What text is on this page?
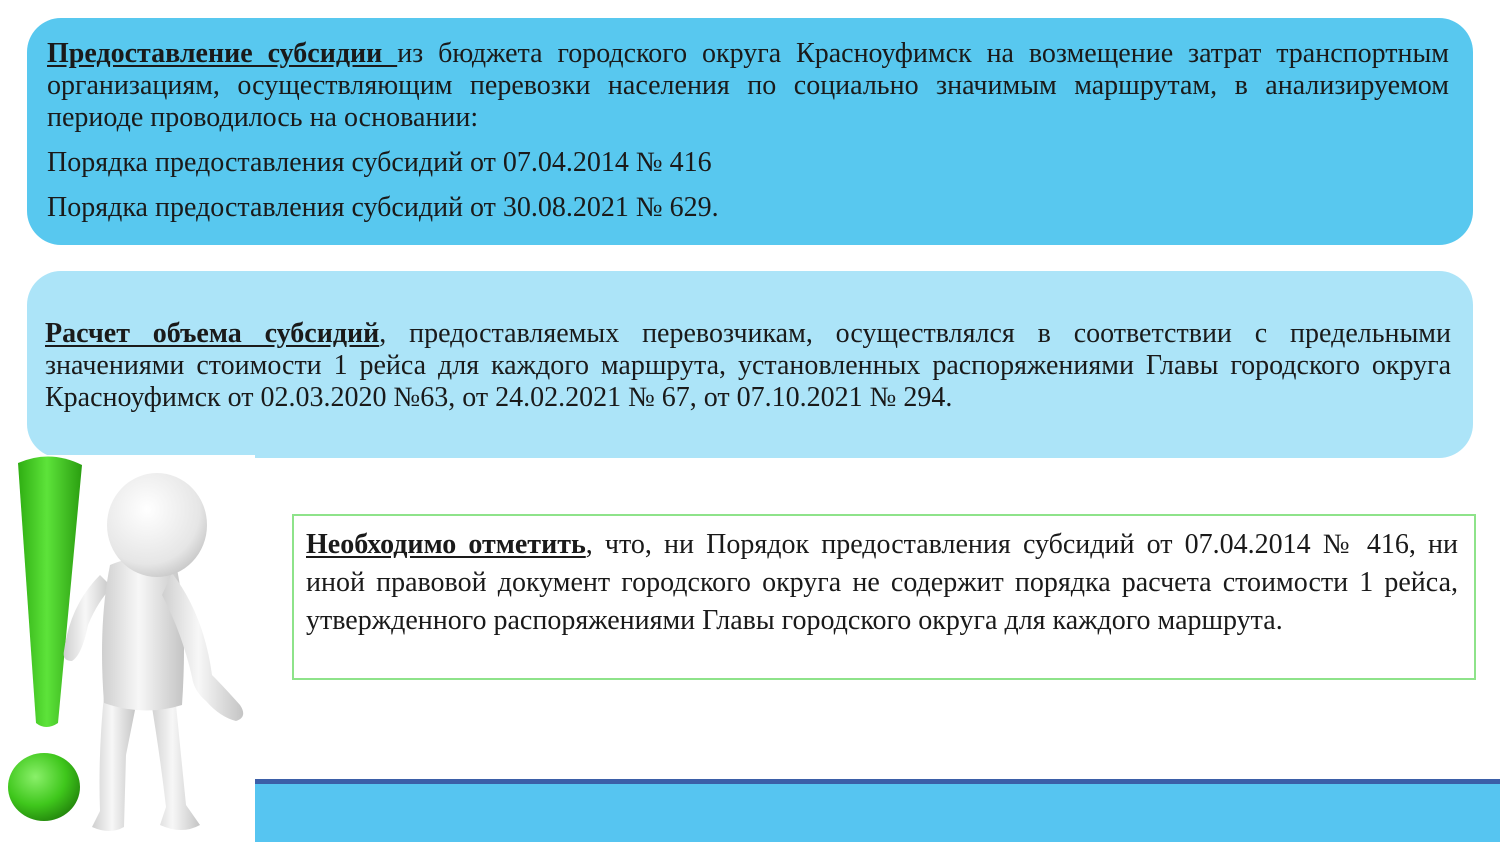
Предоставление субсидии из бюджета городского округа Красноуфимск на возмещение затрат транспортным организациям, осуществляющим перевозки населения по социально значимым маршрутам, в анализируемом периоде проводилось на основании:

Порядка предоставления субсидий от 07.04.2014 № 416

Порядка предоставления субсидий от 30.08.2021 № 629.

Расчет объема субсидий, предоставляемых перевозчикам, осуществлялся в соответствии с предельными значениями стоимости 1 рейса для каждого маршрута, установленных распоряжениями Главы городского округа Красноуфимск от 02.03.2020 №63, от 24.02.2021 № 67, от 07.10.2021 № 294.

Необходимо отметить, что, ни Порядок предоставления субсидий от 07.04.2014 № 416, ни иной правовой документ городского округа не содержит порядка расчета стоимости 1 рейса, утвержденного распоряжениями Главы городского округа для каждого маршрута.
